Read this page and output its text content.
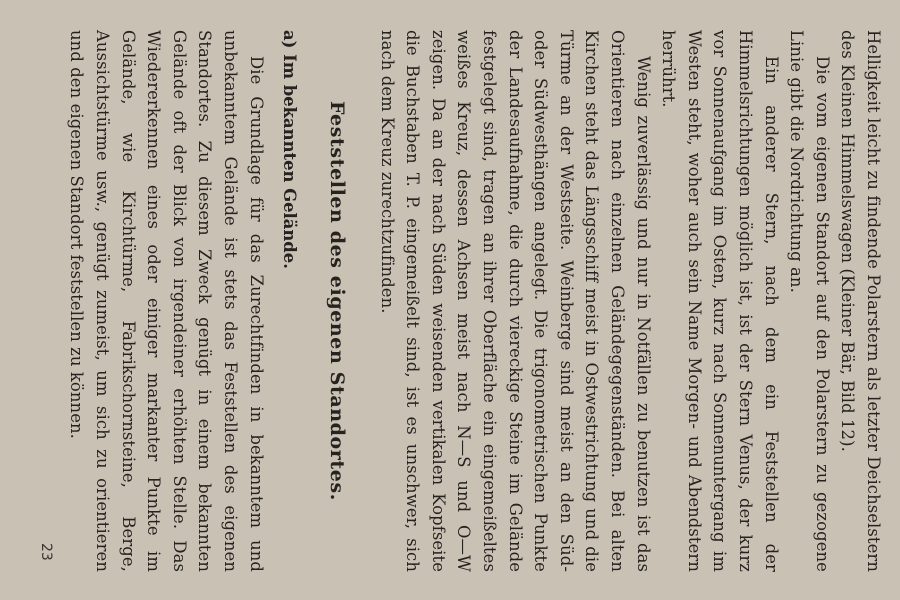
Helligkeit leicht zu findende Polarstern als letzter Deichselstern des Kleinen Himmelswagen (Kleiner Bär, Bild 12).

Die vom eigenen Standort auf den Polarstern zu gezogene Linie gibt die Nordrichtung an.

Ein anderer Stern, nach dem ein Feststellen der Himmelsrichtungen möglich ist, ist der Stern Venus, der kurz vor Sonnenaufgang im Osten, kurz nach Sonnenuntergang im Westen steht, woher auch sein Name Morgen- und Abendstern herrührt.

Wenig zuverlässig und nur in Notfällen zu benutzen ist das Orientieren nach einzelnen Geländegegenständen. Bei alten Kirchen steht das Längsschiff meist in Ostwestrichtung und die Türme an der Westseite. Weinberge sind meist an den Süd- oder Südwesthängen angelegt. Die trigonometrischen Punkte der Landesaufnahme, die durch viereckige Steine im Gelände festgelegt sind, tragen an ihrer Oberfläche ein eingemeißeltes weißes Kreuz, dessen Achsen meist nach N—S und O—W zeigen. Da an der nach Süden weisenden vertikalen Kopfseite die Buchstaben T. P. eingemeißelt sind, ist es unschwer, sich nach dem Kreuz zurechtzufinden.

Feststellen des eigenen Standortes.
a) Im bekannten Gelände.

Die Grundlage für das Zurechtfinden in bekanntem und unbekanntem Gelände ist stets das Feststellen des eigenen Standortes. Zu diesem Zweck genügt in einem bekannten Gelände oft der Blick von irgendeiner erhöhten Stelle. Das Wiedererkennen eines oder einiger markanter Punkte im Gelände, wie Kirchtürme, Fabrikschornsteine, Berge, Aussichtstürme usw., genügt zumeist, um sich zu orientieren und den eigenen Standort feststellen zu können.

23
